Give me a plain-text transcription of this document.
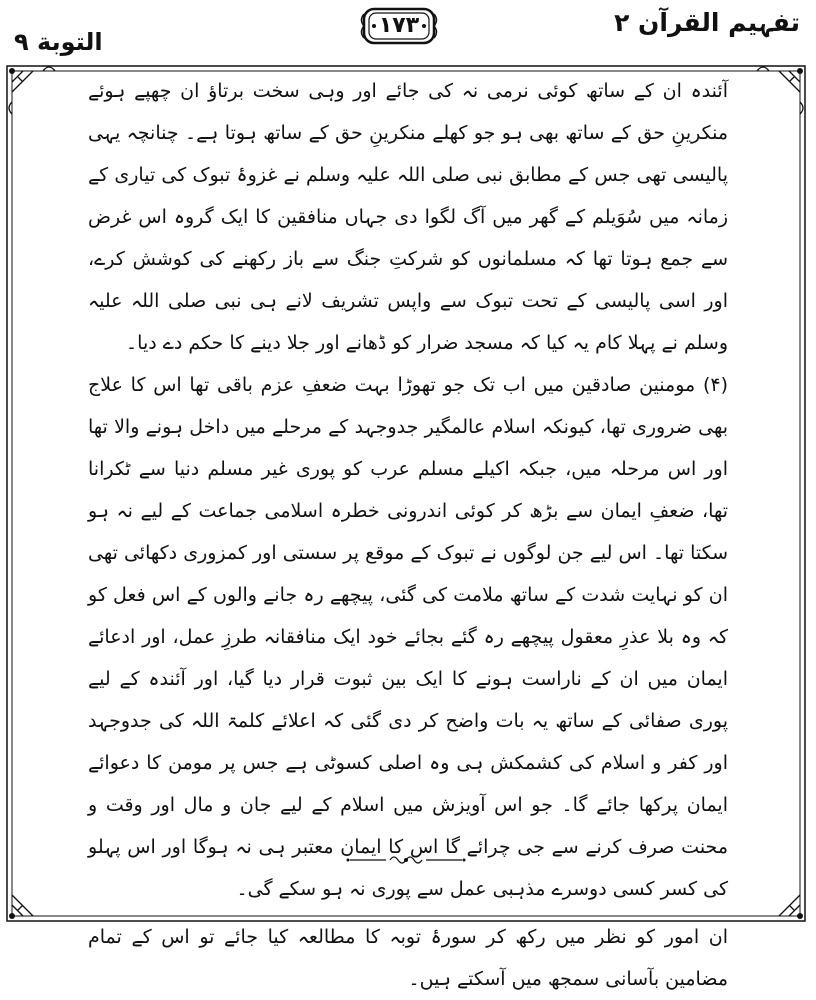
التوبة ۹
۱۷۳	تفہیم القرآن ۲

آئندہ ان کے ساتھ کوئی نرمی نہ کی جائے اور وہی سخت برتاؤ ان چھپے ہوئے منکرینِ حق کے ساتھ بھی ہو جو کھلے منکرینِ حق کے ساتھ ہوتا ہے۔ چنانچہ یہی پالیسی تھی جس کے مطابق نبی صلی اللہ علیہ وسلم نے غزوۂ تبوک کی تیاری کے زمانہ میں سُوَیلم کے گھر میں آگ لگوا دی جہاں منافقین کا ایک گروہ اس غرض سے جمع ہوتا تھا کہ مسلمانوں کو شرکتِ جنگ سے باز رکھنے کی کوشش کرے، اور اسی پالیسی کے تحت تبوک سے واپس تشریف لانے ہی نبی صلی اللہ علیہ وسلم نے پہلا کام یہ کیا کہ مسجد ضرار کو ڈھانے اور جلا دینے کا حکم دے دیا۔

(۴) مومنین صادقین میں اب تک جو تھوڑا بہت ضعفِ عزم باقی تھا اس کا علاج بھی ضروری تھا، کیونکہ اسلام عالمگیر جدوجہد کے مرحلے میں داخل ہونے والا تھا اور اس مرحلہ میں، جبکہ اکیلے مسلم عرب کو پوری غیر مسلم دنیا سے ٹکرانا تھا، ضعفِ ایمان سے بڑھ کر کوئی اندرونی خطرہ اسلامی جماعت کے لیے نہ ہو سکتا تھا۔ اس لیے جن لوگوں نے تبوک کے موقع پر سستی اور کمزوری دکھائی تھی ان کو نہایت شدت کے ساتھ ملامت کی گئی، پیچھے رہ جانے والوں کے اس فعل کو کہ وہ بلا عذرِ معقول پیچھے رہ گئے بجائے خود ایک منافقانہ طرزِ عمل، اور ادعائے ایمان میں ان کے ناراست ہونے کا ایک بین ثبوت قرار دیا گیا، اور آئندہ کے لیے پوری صفائی کے ساتھ یہ بات واضح کر دی گئی کہ اعلائے کلمۃ اللہ کی جدوجہد اور کفر و اسلام کی کشمکش ہی وہ اصلی کسوٹی ہے جس پر مومن کا دعوائے ایمان پرکھا جائے گا۔ جو اس آویزش میں اسلام کے لیے جان و مال اور وقت و محنت صرف کرنے سے جی چرائے گا اس کا ایمان معتبر ہی نہ ہوگا اور اس پہلو کی کسر کسی دوسرے مذہبی عمل سے پوری نہ ہو سکے گی۔

ان امور کو نظر میں رکھ کر سورۂ توبہ کا مطالعہ کیا جائے تو اس کے تمام مضامین بآسانی سمجھ میں آسکتے ہیں۔
